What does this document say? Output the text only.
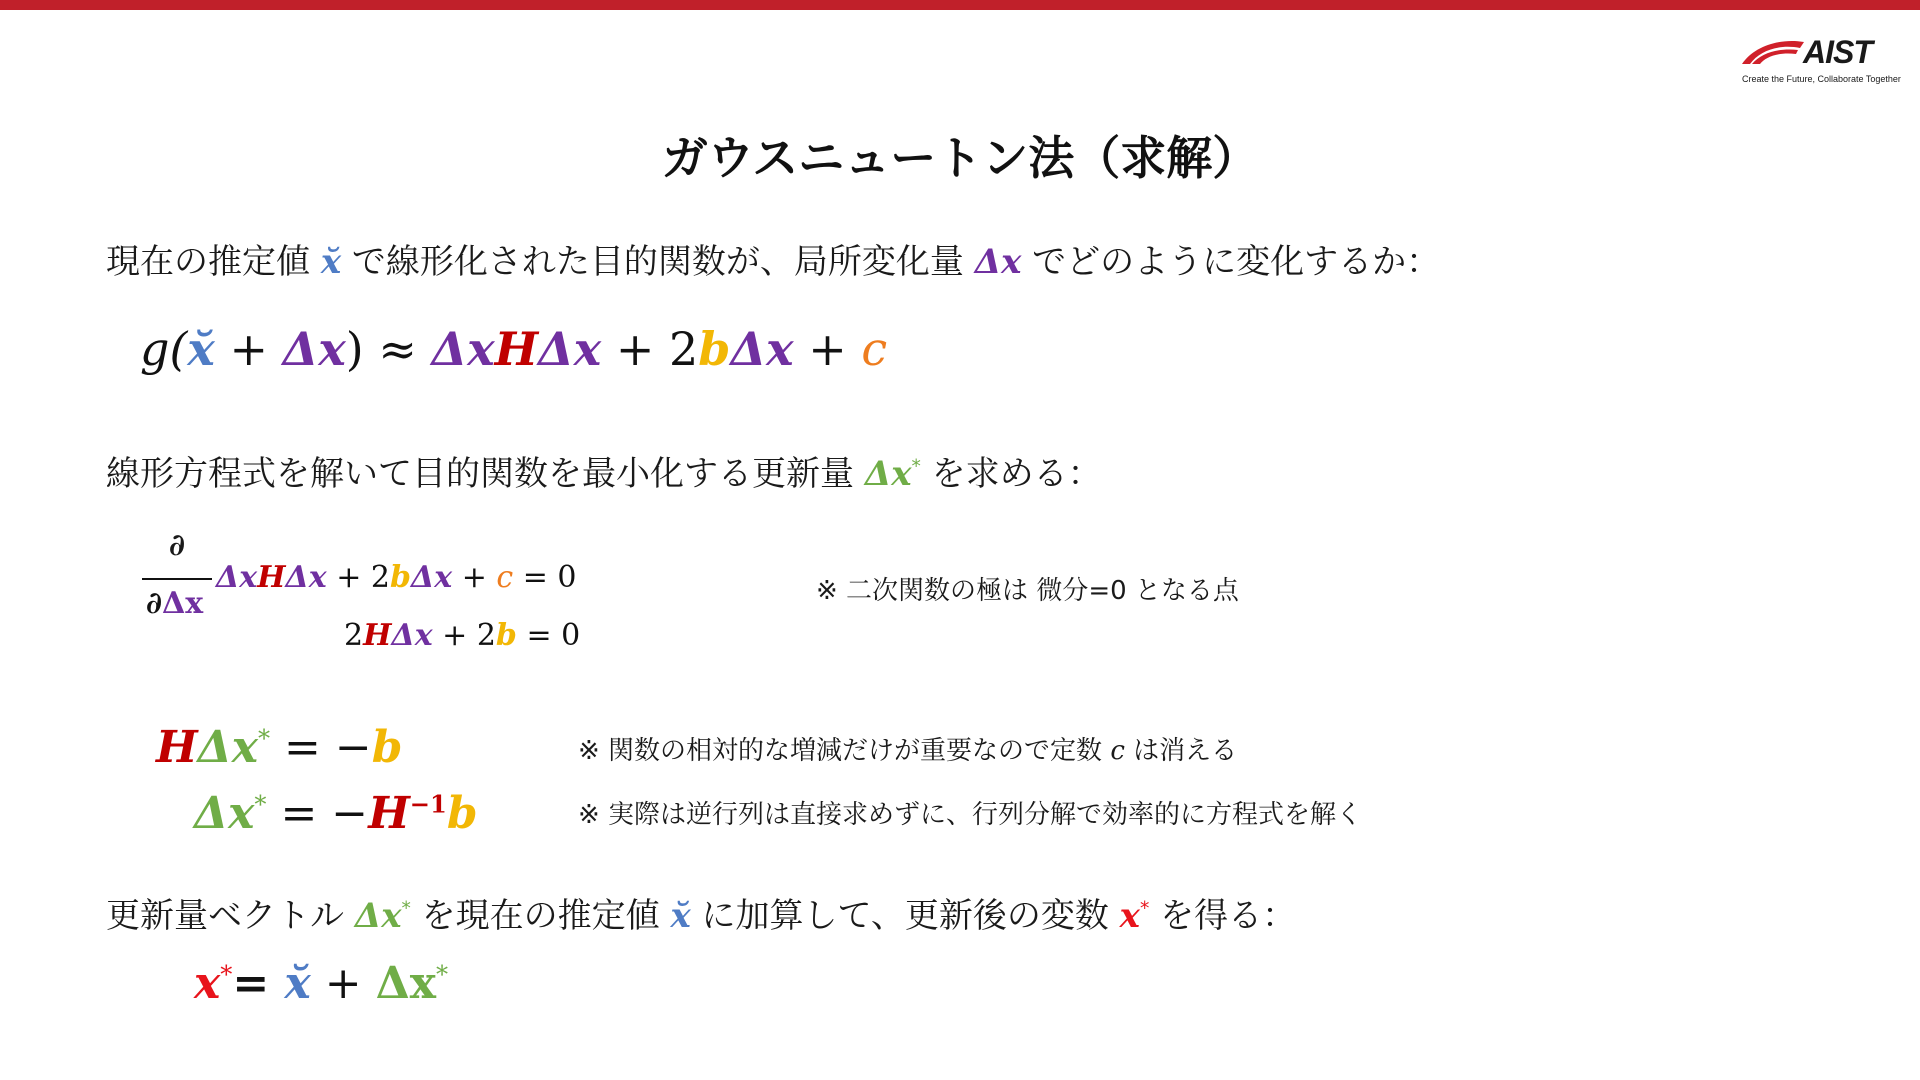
AIST
Create the Future, Collaborate Together
ガウスニュートン法（求解）
現在の推定値 x̆ で線形化された目的関数が、局所変化量 Δx でどのように変化するか：
g(x̆ + Δx) ≈ ΔxHΔx + 2bΔx + c
線形方程式を解いて目的関数を最小化する更新量 Δx* を求める：
∂
∂Δx
ΔxHΔx + 2bΔx + c = 0
2HΔx + 2b = 0
※ 二次関数の極は 微分=0 となる点
HΔx* = −b	※ 関数の相対的な増減だけが重要なので定数 c は消える
$\Delta x^* = -H^{-1}b$	※ 実際は逆行列は直接求めずに、行列分解で効率的に方程式を解く
更新量ベクトル Δx* を現在の推定値 x̆ に加算して、更新後の変数 x* を得る：
x*= x̆ + Δx*
